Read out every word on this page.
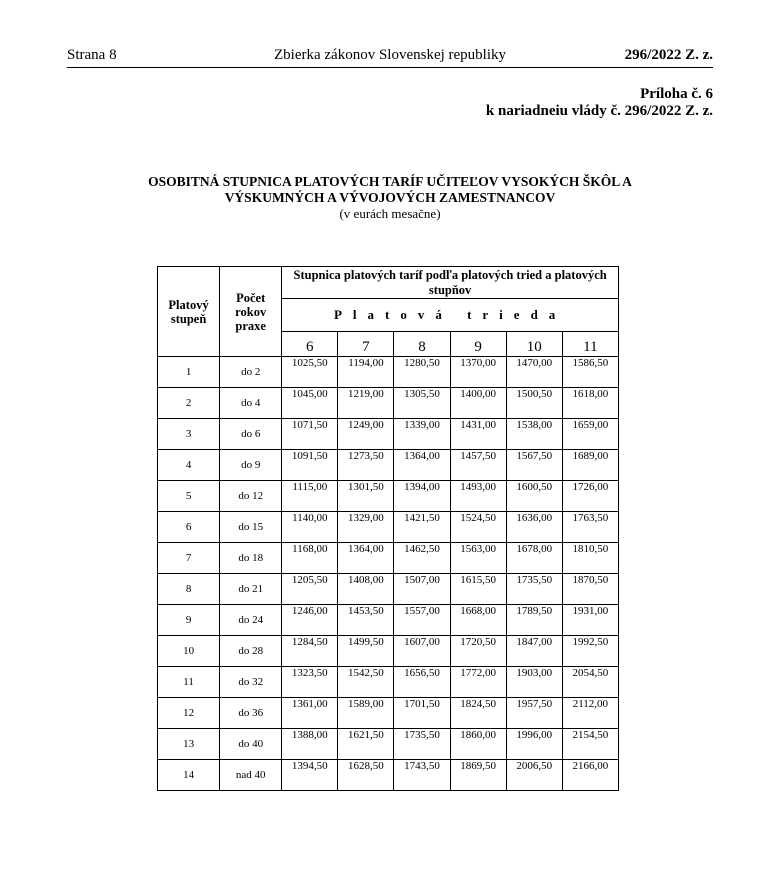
Strana 8	Zbierka zákonov Slovenskej republiky	296/2022 Z. z.
Príloha č. 6
k nariadneiu vlády č. 296/2022 Z. z.
OSOBITNÁ STUPNICA PLATOVÝCH TARÍF UČITEĽOV VYSOKÝCH ŠKÔL A
VÝSKUMNÝCH A VÝVOJOVÝCH ZAMESTNANCOV
(v eurách mesačne)
Platový stupeň	Počet rokov praxe	Stupnica platových taríf podľa platových tried a platových stupňov					
		Platová trieda					
		6	7	8	9	10	11
1	do 2	1025,50	1194,00	1280,50	1370,00	1470,00	1586,50
2	do 4	1045,00	1219,00	1305,50	1400,00	1500,50	1618,00
3	do 6	1071,50	1249,00	1339,00	1431,00	1538,00	1659,00
4	do 9	1091,50	1273,50	1364,00	1457,50	1567,50	1689,00
5	do 12	1115,00	1301,50	1394,00	1493,00	1600,50	1726,00
6	do 15	1140,00	1329,00	1421,50	1524,50	1636,00	1763,50
7	do 18	1168,00	1364,00	1462,50	1563,00	1678,00	1810,50
8	do 21	1205,50	1408,00	1507,00	1615,50	1735,50	1870,50
9	do 24	1246,00	1453,50	1557,00	1668,00	1789,50	1931,00
10	do 28	1284,50	1499,50	1607,00	1720,50	1847,00	1992,50
11	do 32	1323,50	1542,50	1656,50	1772,00	1903,00	2054,50
12	do 36	1361,00	1589,00	1701,50	1824,50	1957,50	2112,00
13	do 40	1388,00	1621,50	1735,50	1860,00	1996,00	2154,50
14	nad 40	1394,50	1628,50	1743,50	1869,50	2006,50	2166,00
